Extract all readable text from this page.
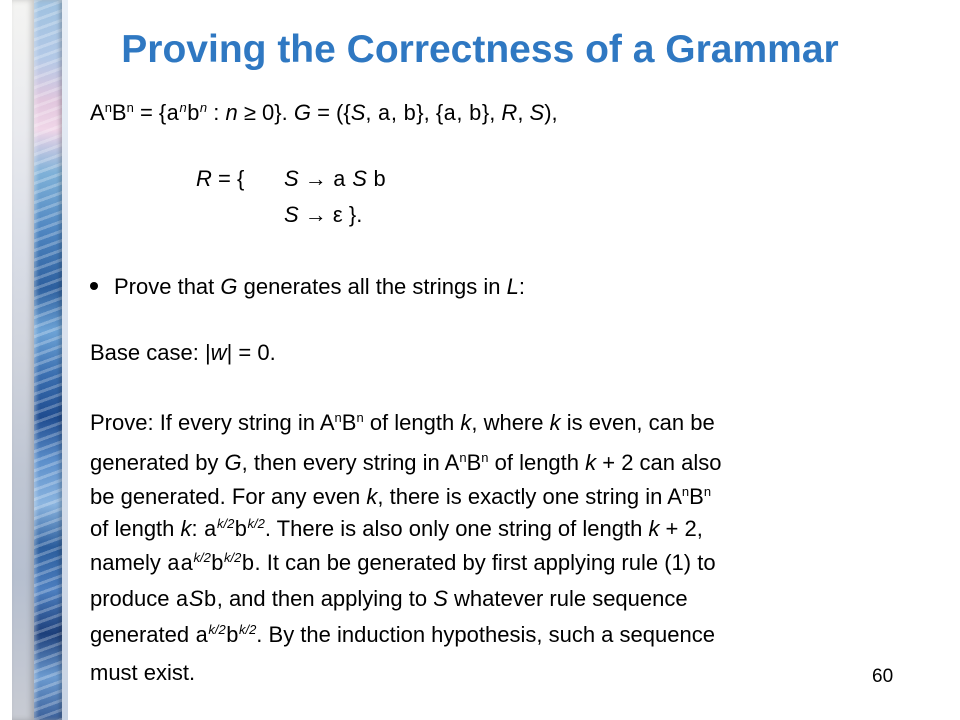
Proving the Correctness of a Grammar
$A^nB^n = \{a^nb^n$ : n ≥ 0}. G = ({S, a, b}, {a, b}, R, S),
R = { S → a S b
S → ε }.
Prove that G generates all the strings in L:
Base case: |w| = 0.
Prove: If every string in $A^nB^n$ of length k, where k is even, can be
generated by G, then every string in $A^nB^n$ of length k + 2 can also
be generated. For any even k, there is exactly one string in $A^nB^n$
of length k: $a^{k/2}b^{k/2}$. There is also only one string of length k + 2,
namely $aa^{k/2}b^{k/2}b$. It can be generated by first applying rule (1) to
produce aSb, and then applying to S whatever rule sequence
generated $a^{k/2}b^{k/2}$. By the induction hypothesis, such a sequence
must exist.	60
